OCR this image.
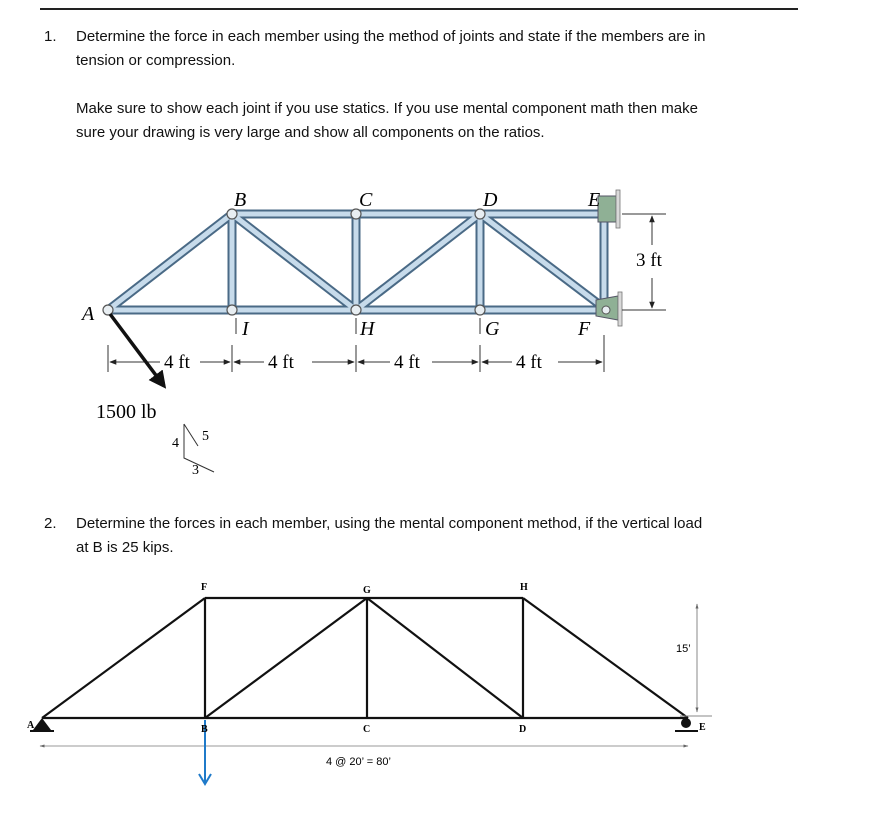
1. Determine the force in each member using the method of joints and state if the members are in
tension or compression.
Make sure to show each joint if you use statics. If you use mental component math then make
sure your drawing is very large and show all components on the ratios.
3 ft
B	C	D	E
A
F
I	H	G
4 ft	4 ft	4 ft	4 ft
1500 lb
4 5
3
2. Determine the forces in each member, using the mental component method, if the vertical load
at B is 25 kips.
15’
4 @ 20’ = 80’
F	G	H
A	B	C	D	E
